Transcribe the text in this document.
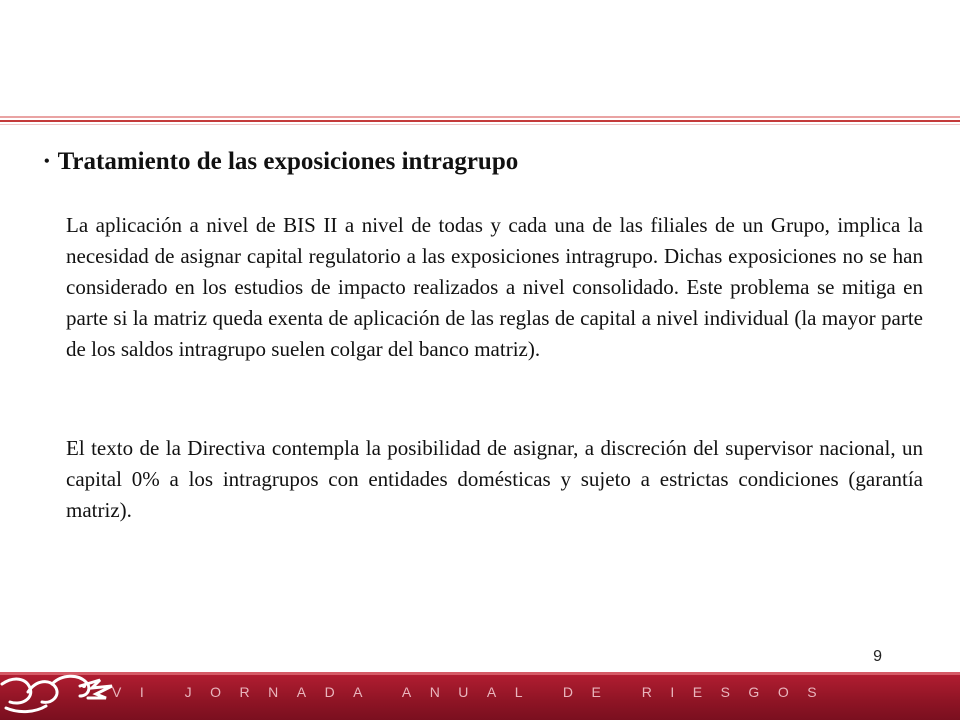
• Tratamiento de las exposiciones intragrupo

La aplicación a nivel de BIS II a nivel de todas y cada una de las filiales de un Grupo, implica la necesidad de asignar capital regulatorio a las exposiciones intragrupo. Dichas exposiciones no se han considerado en los estudios de impacto realizados a nivel consolidado. Este problema se mitiga en parte si la matriz queda exenta de aplicación de las reglas de capital a nivel individual (la mayor parte de los saldos intragrupo suelen colgar del banco matriz).

El texto de la Directiva contempla la posibilidad de asignar, a discreción del supervisor nacional, un capital 0% a los intragrupos con entidades domésticas y sujeto a estrictas condiciones (garantía matriz).

9
VI JORNADA ANUAL DE RIESGOS
